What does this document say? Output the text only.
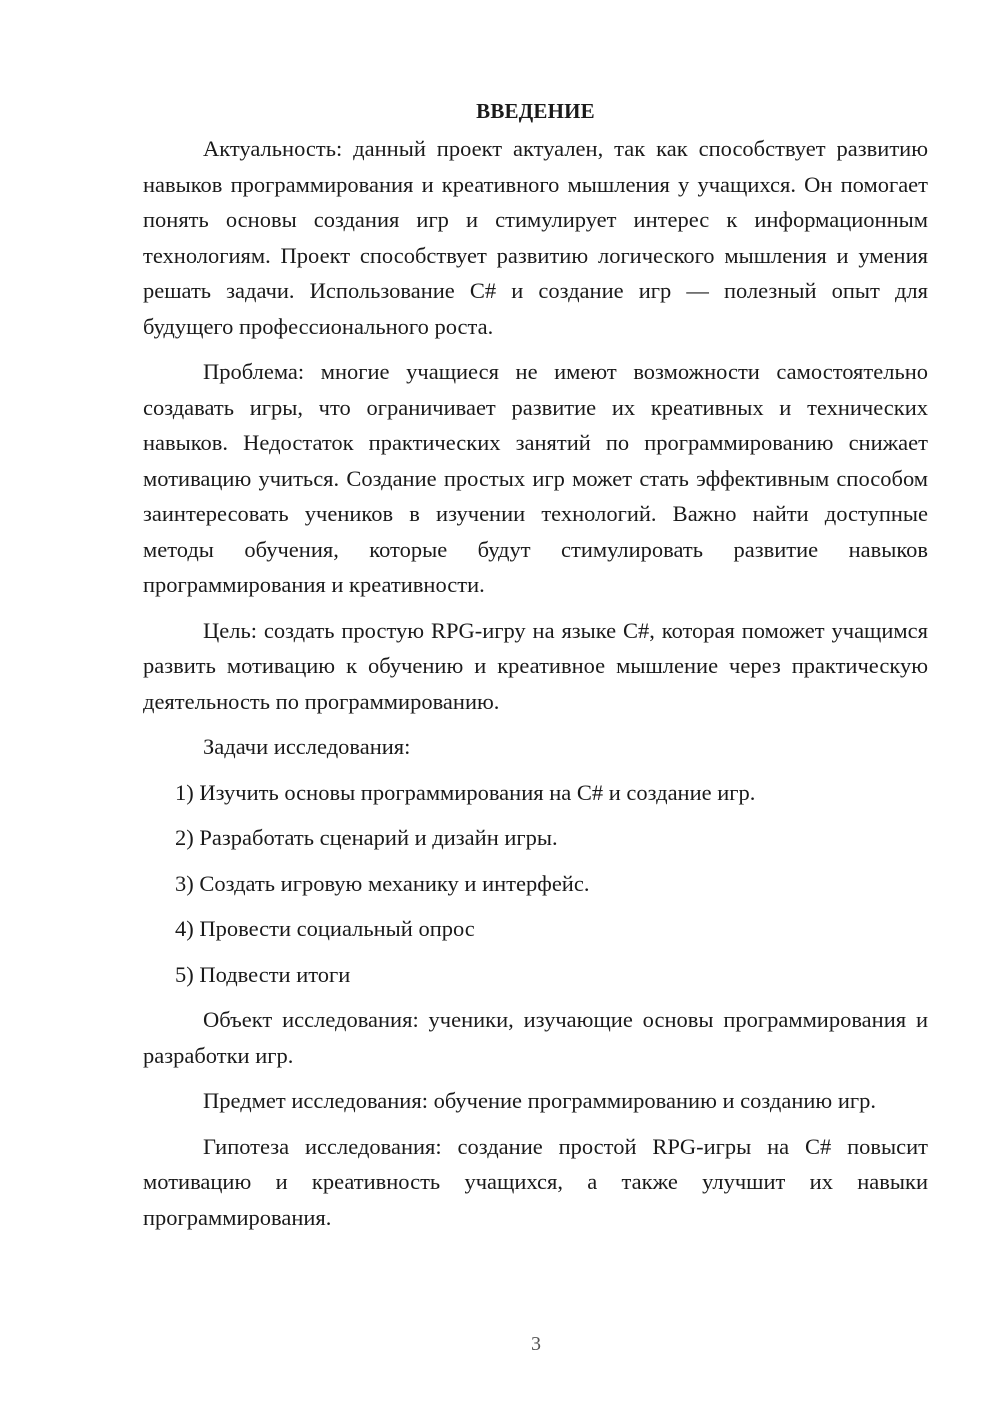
ВВЕДЕНИЕ

Актуальность: данный проект актуален, так как способствует развитию навыков программирования и креативного мышления у учащихся. Он помогает понять основы создания игр и стимулирует интерес к информационным технологиям. Проект способствует развитию логического мышления и умения решать задачи. Использование C# и создание игр — полезный опыт для будущего профессионального роста.

Проблема: многие учащиеся не имеют возможности самостоятельно создавать игры, что ограничивает развитие их креативных и технических навыков. Недостаток практических занятий по программированию снижает мотивацию учиться. Создание простых игр может стать эффективным способом заинтересовать учеников в изучении технологий. Важно найти доступные методы обучения, которые будут стимулировать развитие навыков программирования и креативности.

Цель: создать простую RPG-игру на языке C#, которая поможет учащимся развить мотивацию к обучению и креативное мышление через практическую деятельность по программированию.

Задачи исследования:

1) Изучить основы программирования на C# и создание игр.
2) Разработать сценарий и дизайн игры.
3) Создать игровую механику и интерфейс.
4) Провести социальный опрос
5) Подвести итоги

Объект исследования: ученики, изучающие основы программирования и разработки игр.

Предмет исследования: обучение программированию и созданию игр.

Гипотеза исследования: создание простой RPG-игры на C# повысит мотивацию и креативность учащихся, а также улучшит их навыки программирования.

3
